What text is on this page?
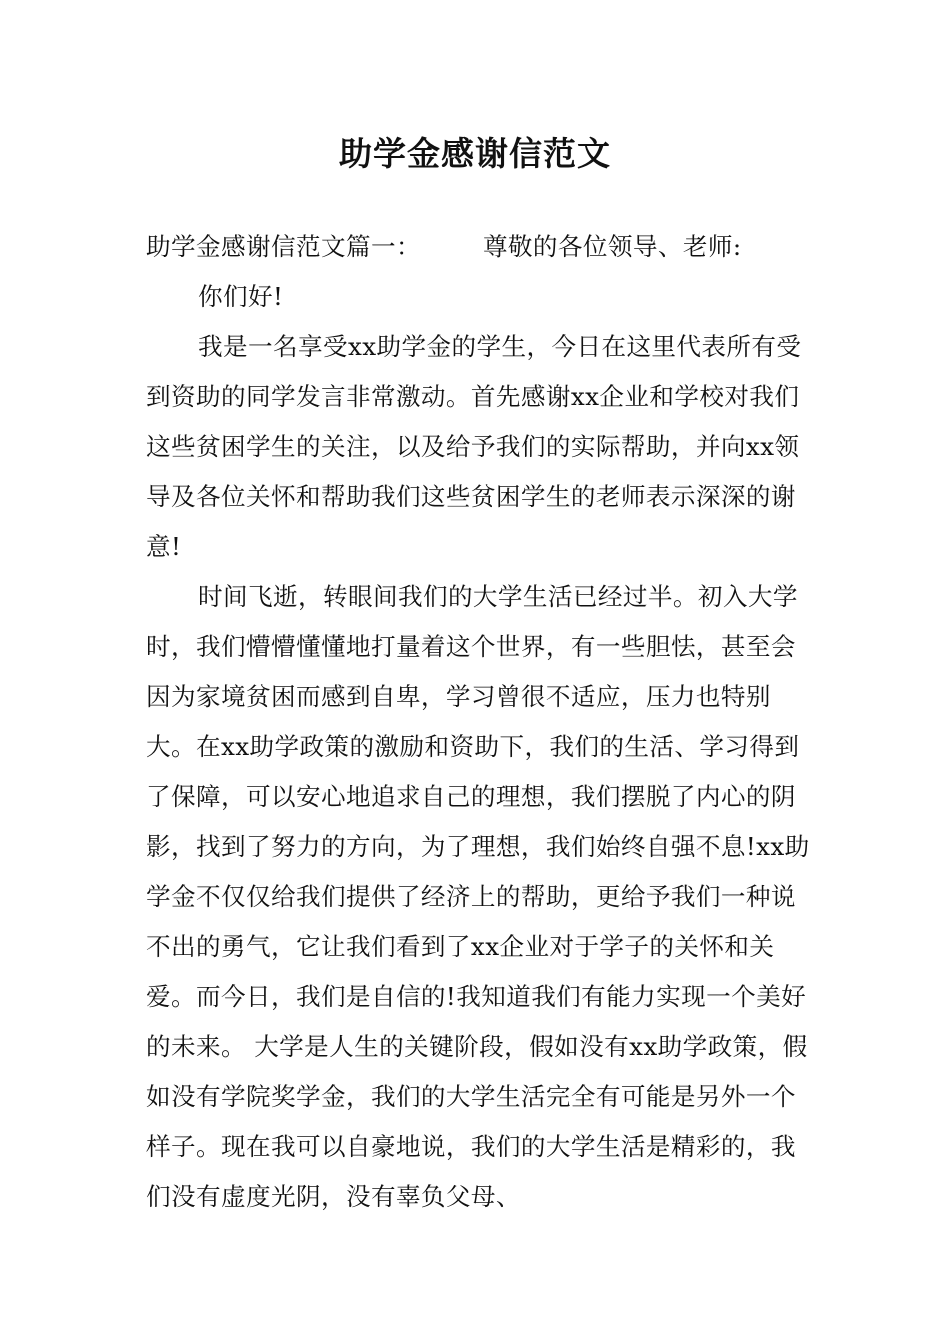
助学金感谢信范文
助学金感谢信范文篇一：	尊敬的各位领导、老师:

你们好!

我是一名享受xx助学金的学生，今日在这里代表所有受到资助的同学发言非常激动。首先感谢xx企业和学校对我们这些贫困学生的关注，以及给予我们的实际帮助，并向xx领导及各位关怀和帮助我们这些贫困学生的老师表示深深的谢意!

时间飞逝，转眼间我们的大学生活已经过半。初入大学时，我们懵懵懂懂地打量着这个世界，有一些胆怯，甚至会因为家境贫困而感到自卑，学习曾很不适应，压力也特别大。在xx助学政策的激励和资助下，我们的生活、学习得到了保障，可以安心地追求自己的理想，我们摆脱了内心的阴影，找到了努力的方向，为了理想，我们始终自强不息!xx助学金不仅仅给我们提供了经济上的帮助，更给予我们一种说不出的勇气，它让我们看到了xx企业对于学子的关怀和关爱。而今日，我们是自信的!我知道我们有能力实现一个美好的未来。 大学是人生的关键阶段，假如没有xx助学政策，假如没有学院奖学金，我们的大学生活完全有可能是另外一个样子。现在我可以自豪地说，我们的大学生活是精彩的，我们没有虚度光阴，没有辜负父母、
